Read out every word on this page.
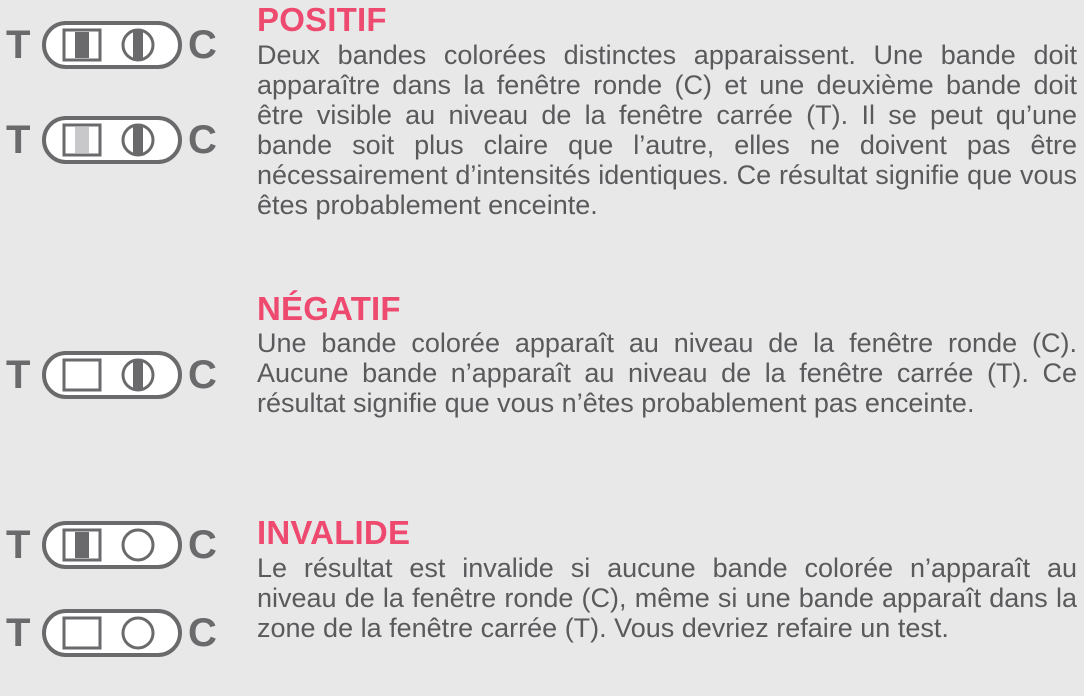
T	C
T	C
POSITIF

Deux bandes colorées distinctes apparaissent. Une bande doit apparaître dans la fenêtre ronde (C) et une deuxième bande doit être visible au niveau de la fenêtre carrée (T). Il se peut qu’une bande soit plus claire que l’autre, elles ne doivent pas être nécessairement d’intensités identiques. Ce résultat signifie que vous êtes probablement enceinte.

T	C
NÉGATIF

Une bande colorée apparaît au niveau de la fenêtre ronde (C). Aucune bande n’apparaît au niveau de la fenêtre carrée (T). Ce résultat signifie que vous n’êtes probablement pas enceinte.

T	C
T	C
INVALIDE

Le résultat est invalide si aucune bande colorée n’apparaît au niveau de la fenêtre ronde (C), même si une bande apparaît dans la zone de la fenêtre carrée (T). Vous devriez refaire un test.
